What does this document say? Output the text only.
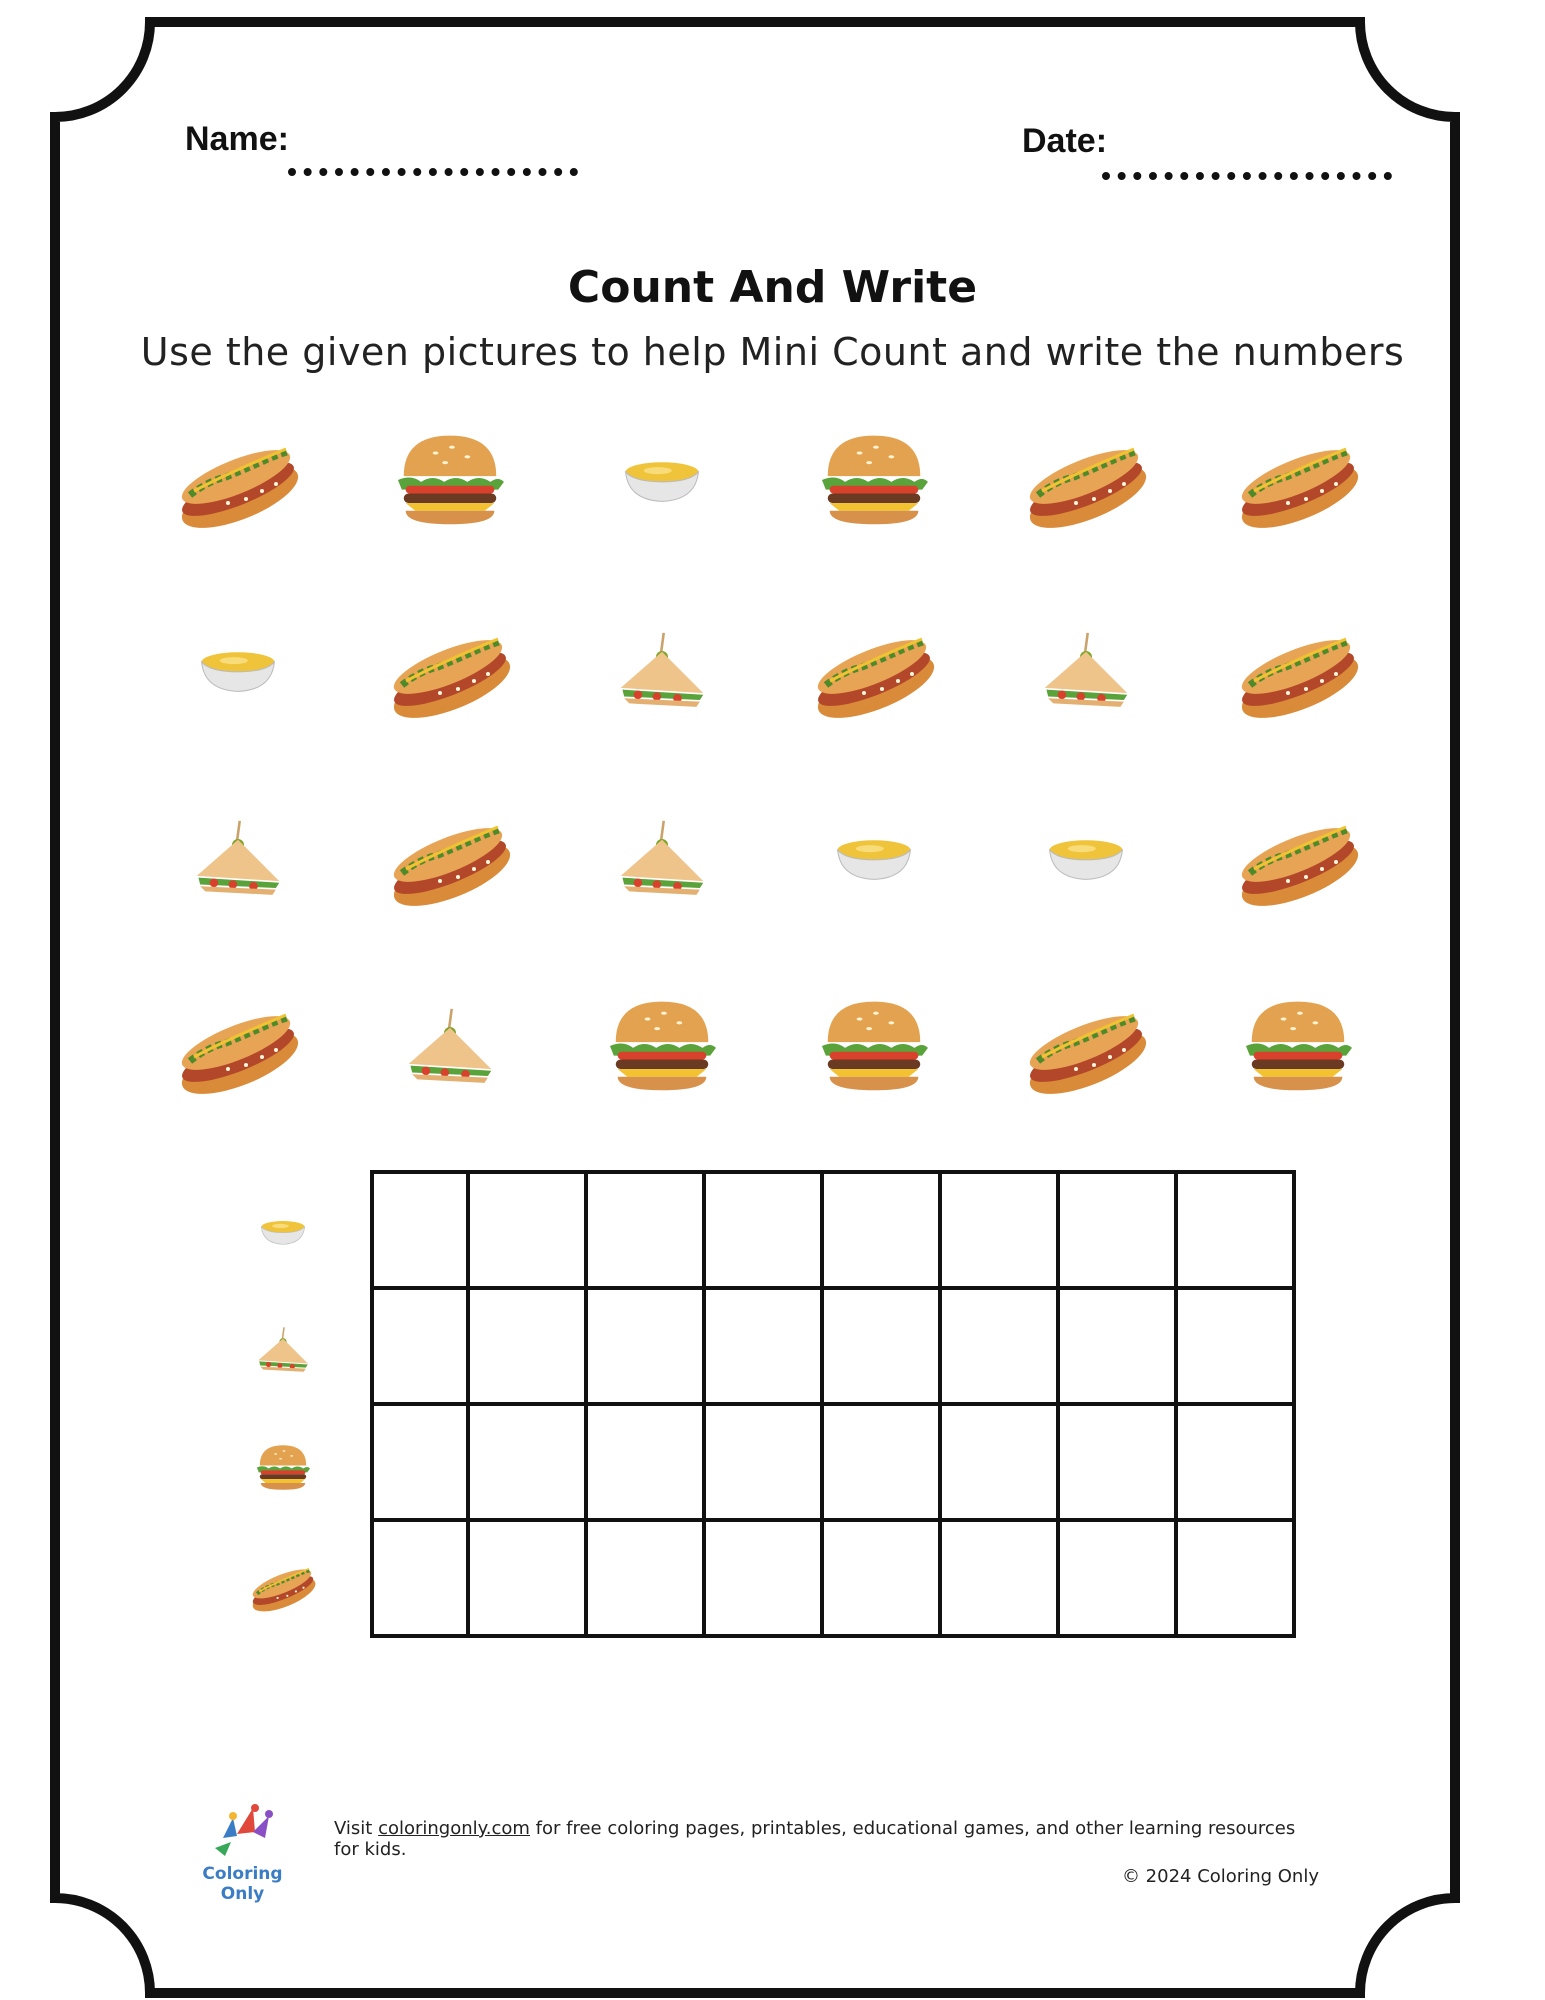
Name:	Date:
Count And Write
Use the given pictures to help Mini Count and write the numbers

Coloring Only
Visit coloringonly.com for free coloring pages, printables, educational games, and other learning resources for kids.
© 2024 Coloring Only
